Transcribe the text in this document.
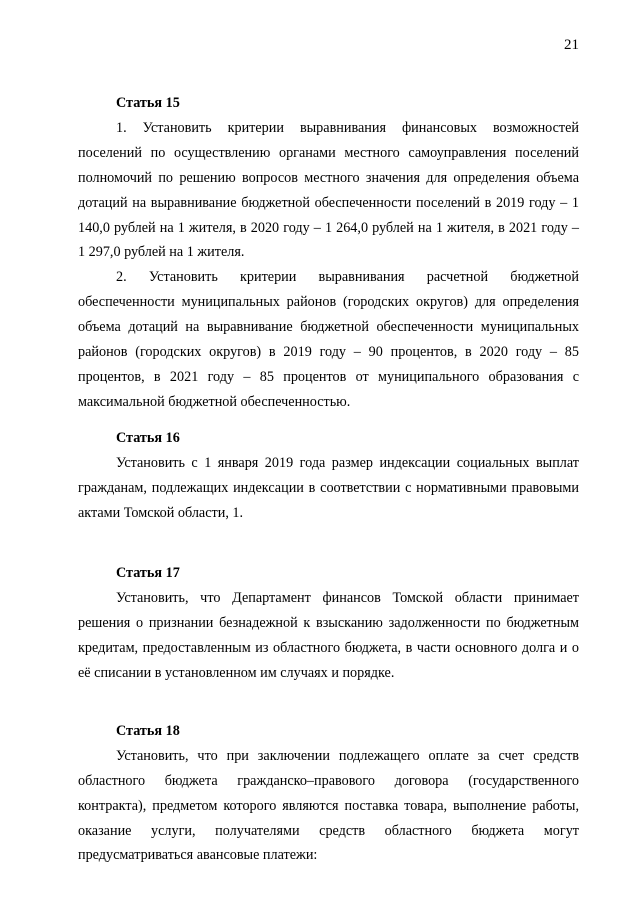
21

Статья 15

1. Установить критерии выравнивания финансовых возможностей поселений по осуществлению органами местного самоуправления поселений полномочий по решению вопросов местного значения для определения объема дотаций на выравнивание бюджетной обеспеченности поселений в 2019 году – 1 140,0 рублей на 1 жителя, в 2020 году – 1 264,0 рублей на 1 жителя, в 2021 году – 1 297,0 рублей на 1 жителя.

2. Установить критерии выравнивания расчетной бюджетной обеспеченности муниципальных районов (городских округов) для определения объема дотаций на выравнивание бюджетной обеспеченности муниципальных районов (городских округов) в 2019 году – 90 процентов, в 2020 году – 85 процентов, в 2021 году – 85 процентов от муниципального образования с максимальной бюджетной обеспеченностью.

Статья 16

Установить с 1 января 2019 года размер индексации социальных выплат гражданам, подлежащих индексации в соответствии с нормативными правовыми актами Томской области, 1.

Статья 17

Установить, что Департамент финансов Томской области принимает решения о признании безнадежной к взысканию задолженности по бюджетным кредитам, предоставленным из областного бюджета, в части основного долга и о её списании в установленном им случаях и порядке.

Статья 18

Установить, что при заключении подлежащего оплате за счет средств областного бюджета гражданско–правового договора (государственного контракта), предметом которого являются поставка товара, выполнение работы, оказание услуги, получателями средств областного бюджета могут предусматриваться авансовые платежи:
